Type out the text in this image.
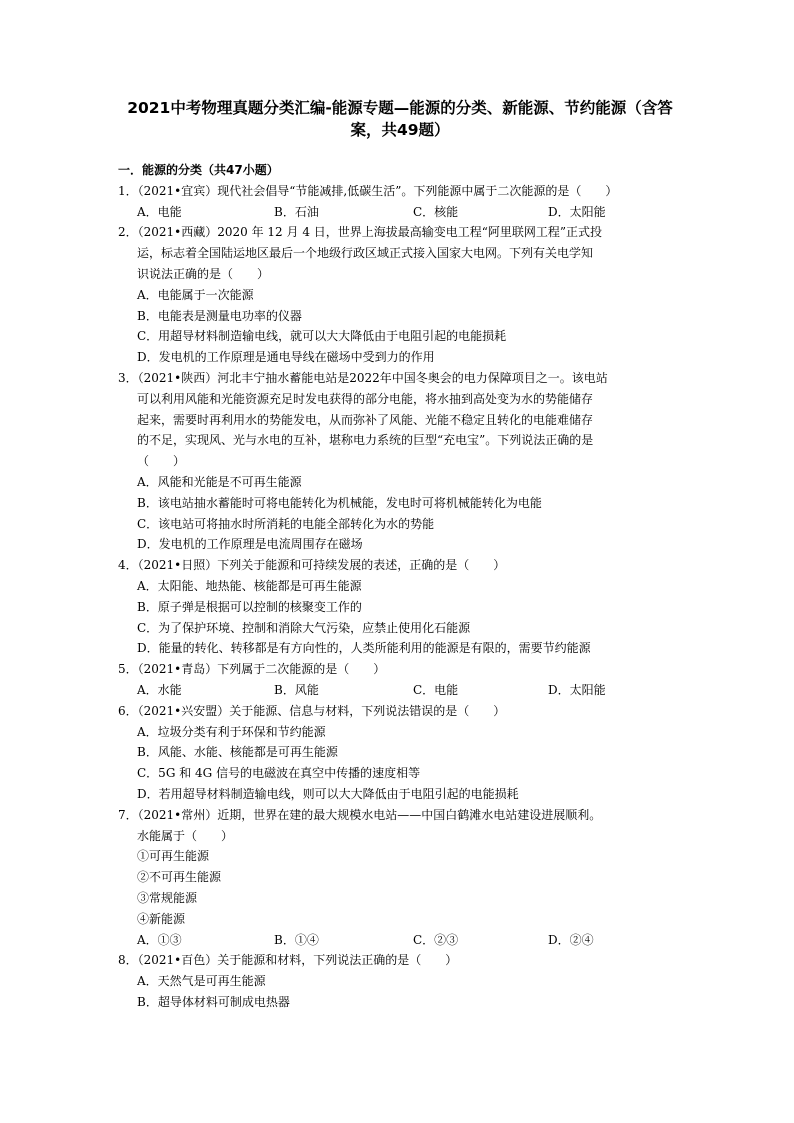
2021中考物理真题分类汇编-能源专题—能源的分类、新能源、节约能源（含答
案，共49题）
一．能源的分类（共47小题）
1．（2021•宜宾）现代社会倡导“节能减排,低碳生活”。下列能源中属于二次能源的是（　　）
A．电能	B．石油	C．核能	D．太阳能
2．（2021•西藏）2020 年 12 月 4 日，世界上海拔最高输变电工程“阿里联网工程”正式投
运，标志着全国陆运地区最后一个地级行政区域正式接入国家大电网。下列有关电学知
识说法正确的是（　　）
A．电能属于一次能源
B．电能表是测量电功率的仪器
C．用超导材料制造输电线，就可以大大降低由于电阻引起的电能损耗
D．发电机的工作原理是通电导线在磁场中受到力的作用
3．（2021•陕西）河北丰宁抽水蓄能电站是2022年中国冬奥会的电力保障项目之一。该电站
可以利用风能和光能资源充足时发电获得的部分电能，将水抽到高处变为水的势能储存
起来，需要时再利用水的势能发电，从而弥补了风能、光能不稳定且转化的电能难储存
的不足，实现风、光与水电的互补，堪称电力系统的巨型“充电宝”。下列说法正确的是
（　　）
A．风能和光能是不可再生能源
B．该电站抽水蓄能时可将电能转化为机械能，发电时可将机械能转化为电能
C．该电站可将抽水时所消耗的电能全部转化为水的势能
D．发电机的工作原理是电流周围存在磁场
4．（2021•日照）下列关于能源和可持续发展的表述，正确的是（　　）
A．太阳能、地热能、核能都是可再生能源
B．原子弹是根据可以控制的核聚变工作的
C．为了保护环境、控制和消除大气污染，应禁止使用化石能源
D．能量的转化、转移都是有方向性的，人类所能利用的能源是有限的，需要节约能源
5．（2021•青岛）下列属于二次能源的是（　　）
A．水能	B．风能	C．电能	D．太阳能
6．（2021•兴安盟）关于能源、信息与材料，下列说法错误的是（　　）
A．垃圾分类有利于环保和节约能源
B．风能、水能、核能都是可再生能源
C．5G 和 4G 信号的电磁波在真空中传播的速度相等
D．若用超导材料制造输电线，则可以大大降低由于电阻引起的电能损耗
7．（2021•常州）近期，世界在建的最大规模水电站——中国白鹤滩水电站建设进展顺利。
水能属于（　　）
①可再生能源
②不可再生能源
③常规能源
④新能源
A．①③	B．①④	C．②③	D．②④
8．（2021•百色）关于能源和材料，下列说法正确的是（　　）
A．天然气是可再生能源
B．超导体材料可制成电热器
